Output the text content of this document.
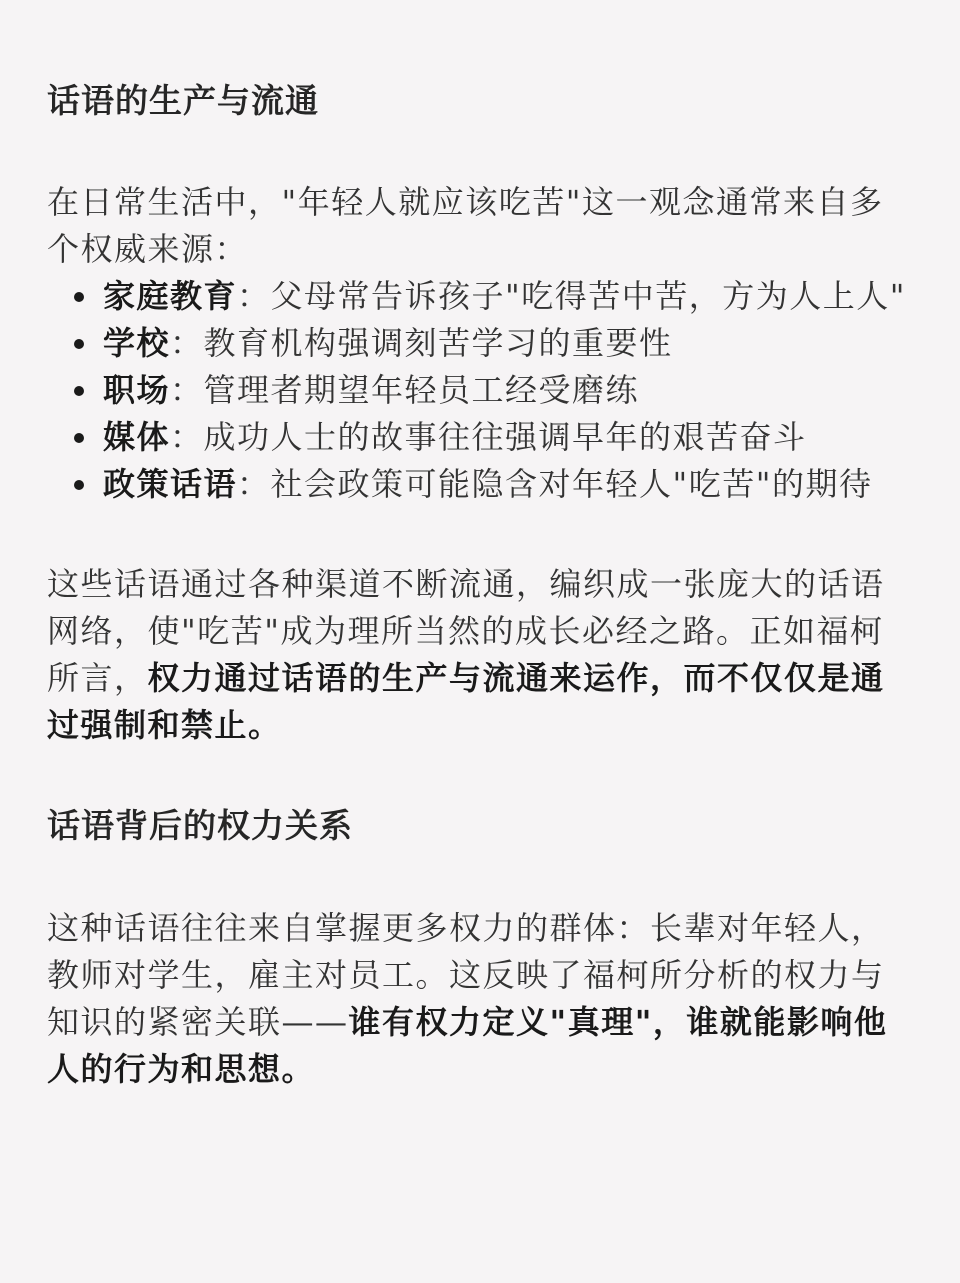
话语的生产与流通

在日常生活中，"年轻人就应该吃苦"这一观念通常来自多个权威来源：

家庭教育：父母常告诉孩子"吃得苦中苦，方为人上人"
学校：教育机构强调刻苦学习的重要性
职场：管理者期望年轻员工经受磨练
媒体：成功人士的故事往往强调早年的艰苦奋斗
政策话语：社会政策可能隐含对年轻人"吃苦"的期待

这些话语通过各种渠道不断流通，编织成一张庞大的话语网络，使"吃苦"成为理所当然的成长必经之路。正如福柯所言，权力通过话语的生产与流通来运作，而不仅仅是通过强制和禁止。

话语背后的权力关系

这种话语往往来自掌握更多权力的群体：长辈对年轻人，教师对学生，雇主对员工。这反映了福柯所分析的权力与知识的紧密关联——谁有权力定义"真理"，谁就能影响他人的行为和思想。
